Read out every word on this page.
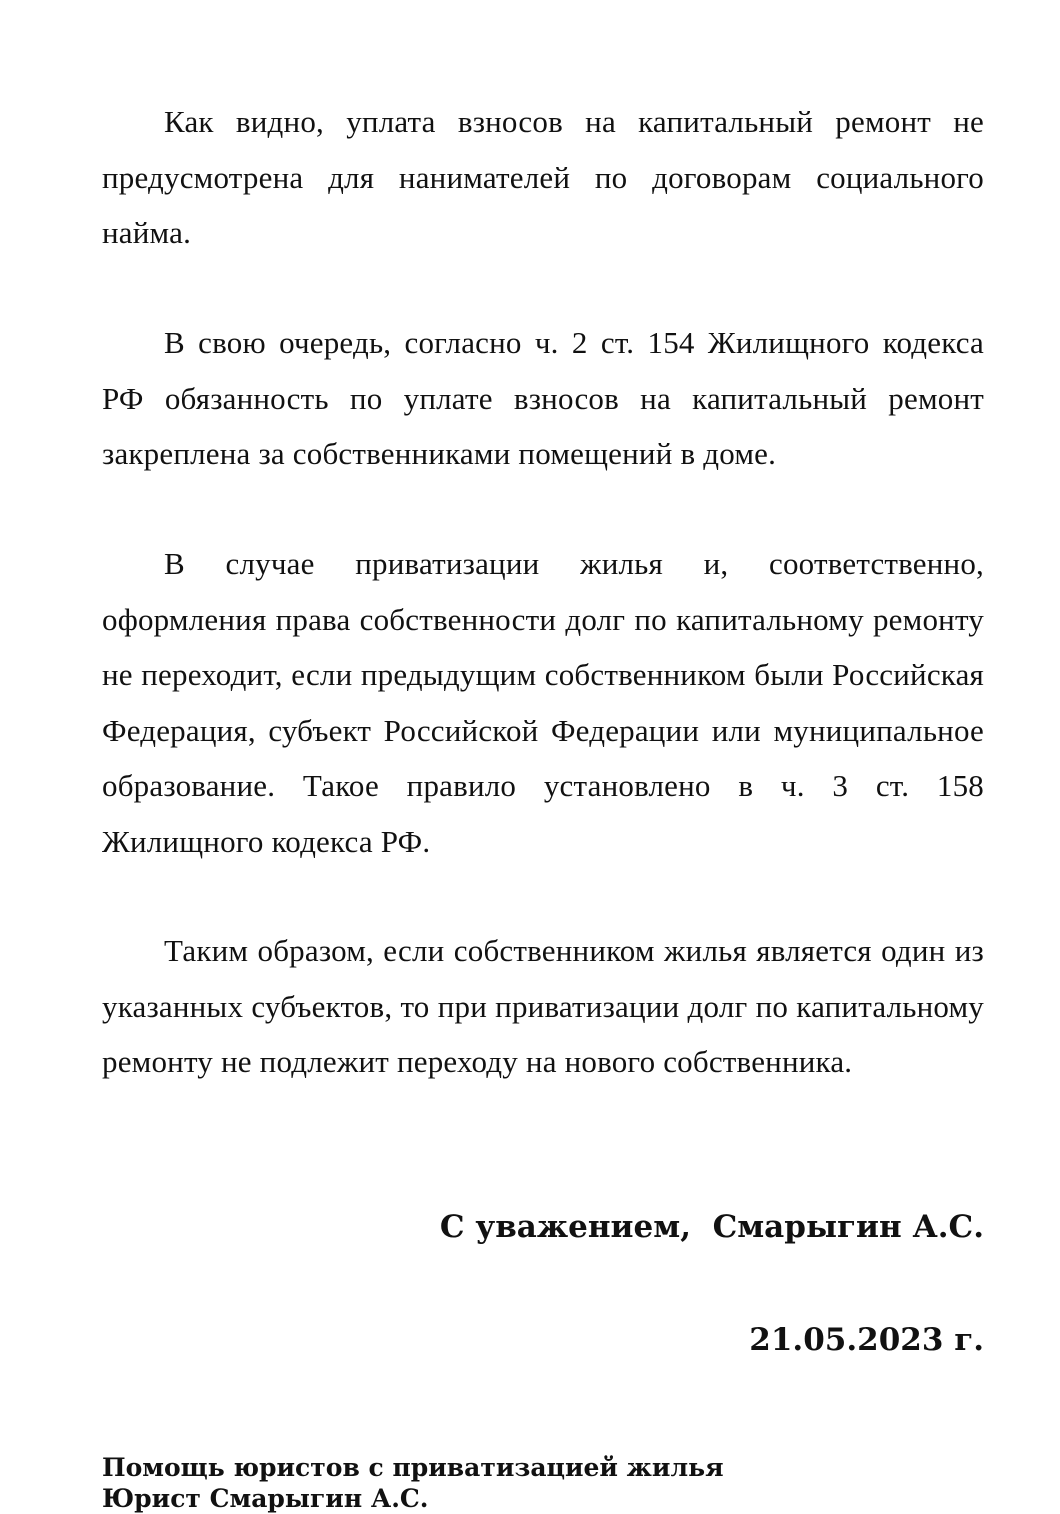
Как видно, уплата взносов на капитальный ремонт не предусмотрена для нанимателей по договорам социального найма.

В свою очередь, согласно ч. 2 ст. 154 Жилищного кодекса РФ обязанность по уплате взносов на капитальный ремонт закреплена за собственниками помещений в доме.

В случае приватизации жилья и, соответственно, оформления права собственности долг по капитальному ремонту не переходит, если предыдущим собственником были Российская Федерация, субъект Российской Федерации или муниципальное образование. Такое правило установлено в ч. 3 ст. 158 Жилищного кодекса РФ.

Таким образом, если собственником жилья является один из указанных субъектов, то при приватизации долг по капитальному ремонту не подлежит переходу на нового собственника.

С уважением,  Смарыгин А.С.
21.05.2023 г.
Помощь юристов с приватизацией жилья
Юрист Смарыгин А.С.
